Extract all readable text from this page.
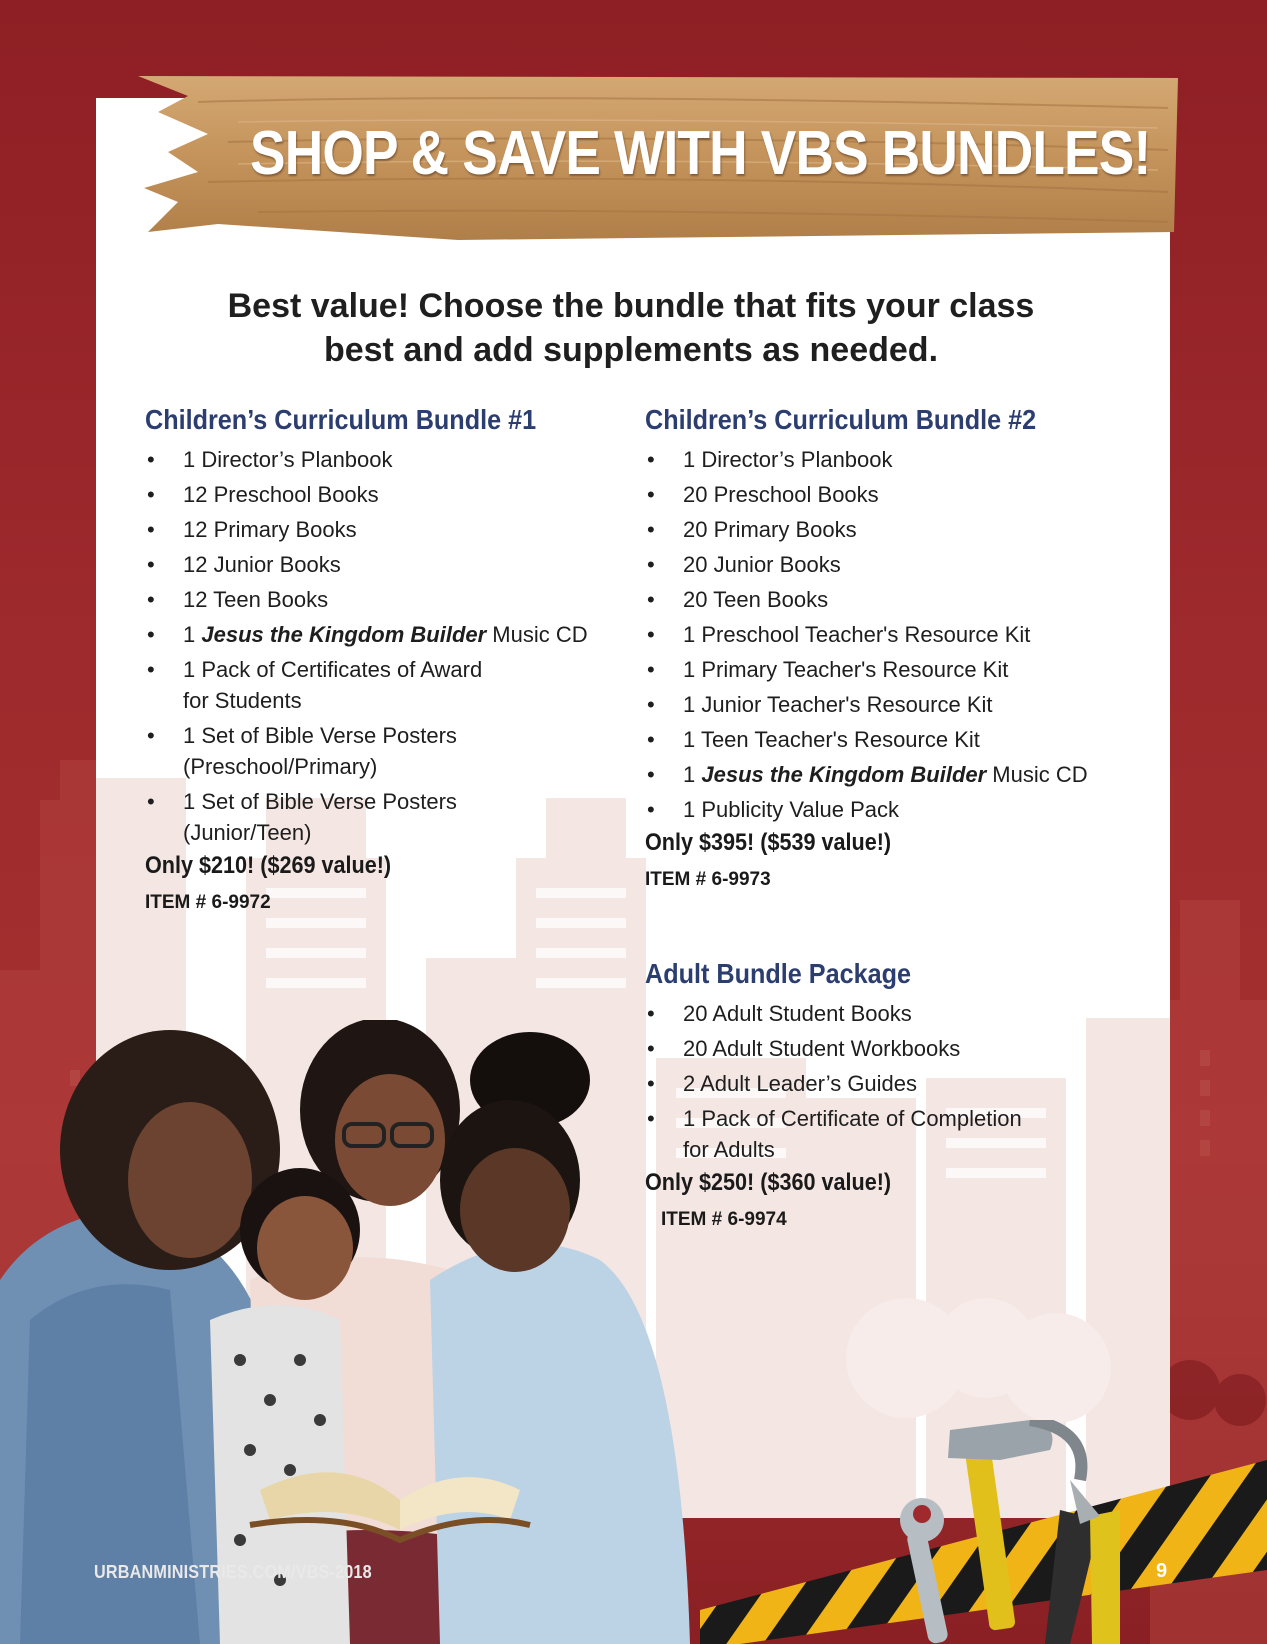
SHOP & SAVE WITH VBS BUNDLES!
Best value! Choose the bundle that fits your class
best and add supplements as needed.
Children’s Curriculum Bundle #1
• 1 Director’s Planbook
• 12 Preschool Books
• 12 Primary Books
• 12 Junior Books
• 12 Teen Books
• 1 Jesus the Kingdom Builder Music CD
• 1 Pack of Certificates of Award
for Students
• 1 Set of Bible Verse Posters
(Preschool/Primary)
• 1 Set of Bible Verse Posters
(Junior/Teen)
Only $210! ($269 value!)
ITEM # 6-9972
Children’s Curriculum Bundle #2
• 1 Director’s Planbook
• 20 Preschool Books
• 20 Primary Books
• 20 Junior Books
• 20 Teen Books
• 1 Preschool Teacher's Resource Kit
• 1 Primary Teacher's Resource Kit
• 1 Junior Teacher's Resource Kit
• 1 Teen Teacher's Resource Kit
• 1 Jesus the Kingdom Builder Music CD
• 1 Publicity Value Pack
Only $395! ($539 value!)
ITEM # 6-9973
Adult Bundle Package
• 20 Adult Student Books
• 20 Adult Student Workbooks
• 2 Adult Leader’s Guides
• 1 Pack of Certificate of Completion
for Adults
Only $250! ($360 value!)
ITEM # 6-9974
URBANMINISTRIES.COM/VBS-2018	9
